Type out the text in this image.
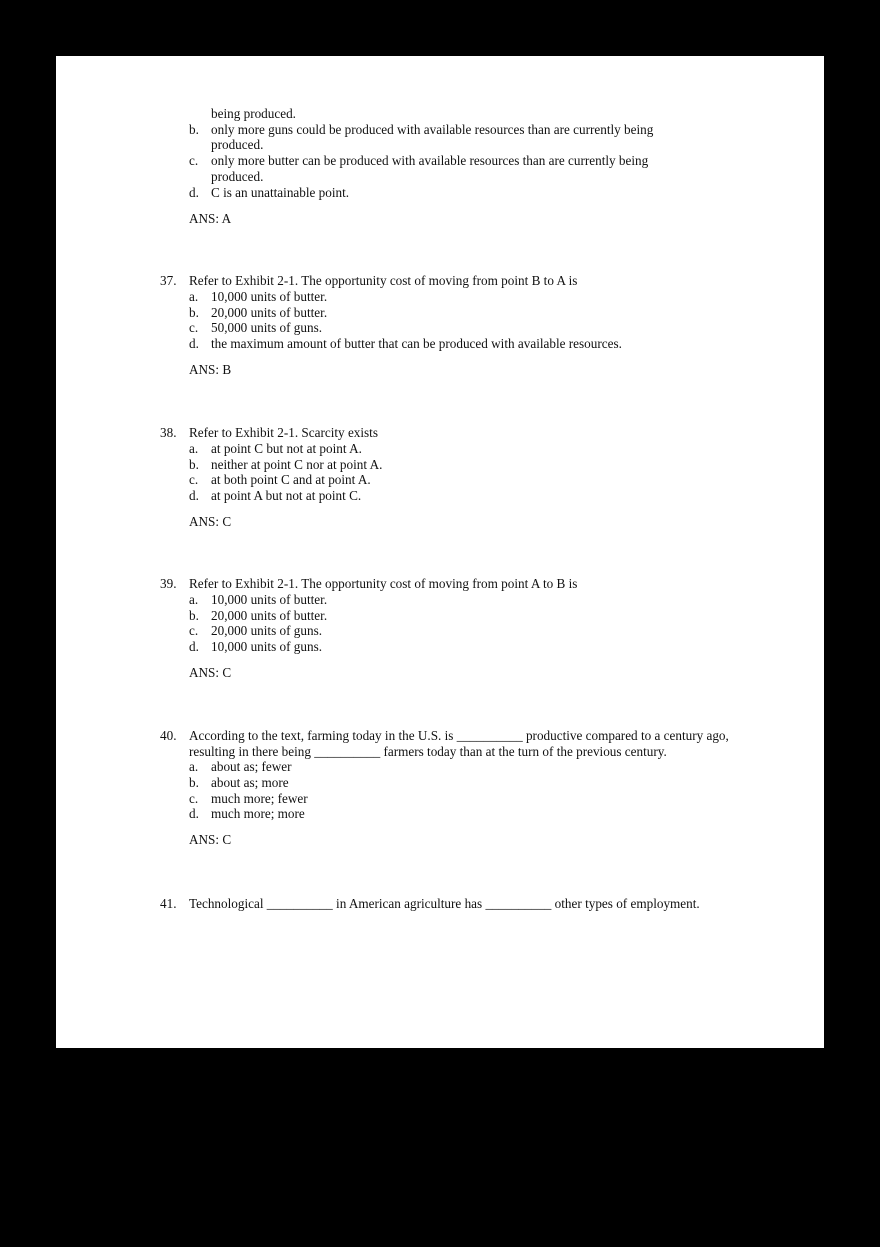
being produced.
b. only more guns could be produced with available resources than are currently being
produced.
c. only more butter can be produced with available resources than are currently being
produced.
d. C is an unattainable point.
ANS: A
37. Refer to Exhibit 2-1. The opportunity cost of moving from point B to A is
a. 10,000 units of butter.
b. 20,000 units of butter.
c. 50,000 units of guns.
d. the maximum amount of butter that can be produced with available resources.
ANS: B
38. Refer to Exhibit 2-1. Scarcity exists
a. at point C but not at point A.
b. neither at point C nor at point A.
c. at both point C and at point A.
d. at point A but not at point C.
ANS: C
39. Refer to Exhibit 2-1. The opportunity cost of moving from point A to B is
a. 10,000 units of butter.
b. 20,000 units of butter.
c. 20,000 units of guns.
d. 10,000 units of guns.
ANS: C
40. According to the text, farming today in the U.S. is __________ productive compared to a century ago,
resulting in there being __________ farmers today than at the turn of the previous century.
a. about as; fewer
b. about as; more
c. much more; fewer
d. much more; more
ANS: C
41. Technological __________ in American agriculture has __________ other types of employment.
